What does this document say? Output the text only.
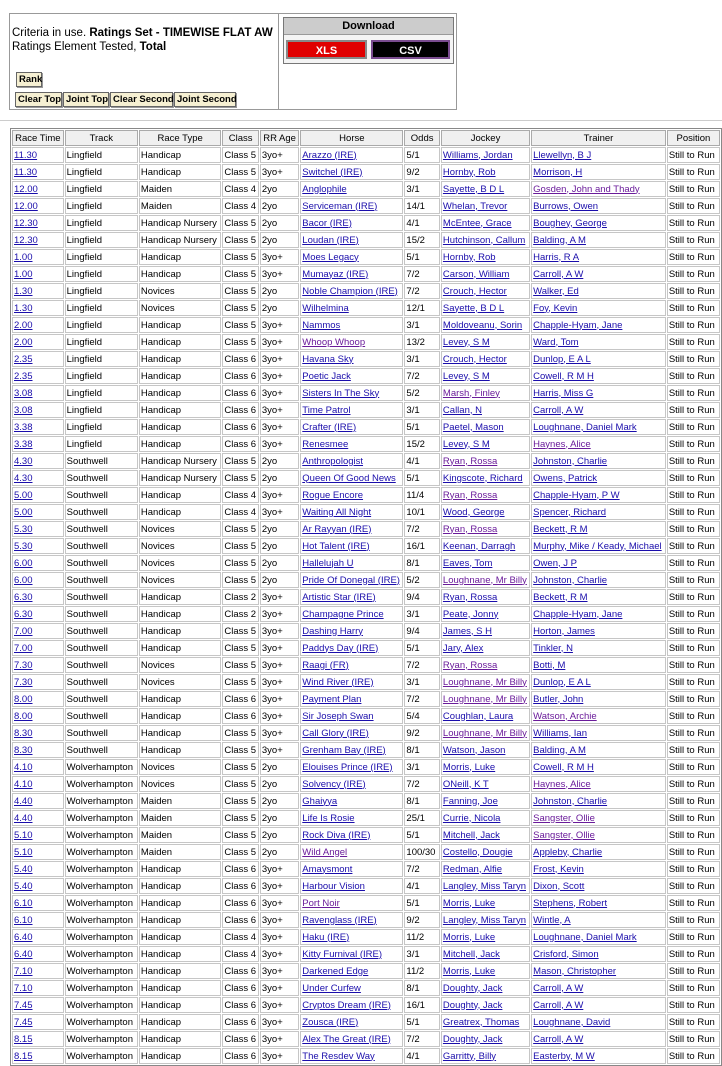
Criteria in use. Ratings Set - TIMEWISE FLAT AW
Ratings Element Tested, Total
Rank
Clear Top Joint Top Clear Second Joint Second
Download
XLS	CSV
Race Time	Track	Race Type	Class	RR Age	Horse	Odds	Jockey	Trainer	Position
11.30	Lingfield	Handicap	Class 5	3yo+	Arazzo (IRE)	5/1	Williams, Jordan	Llewellyn, B J	Still to Run
11.30	Lingfield	Handicap	Class 5	3yo+	Switchel (IRE)	9/2	Hornby, Rob	Morrison, H	Still to Run
12.00	Lingfield	Maiden	Class 4	2yo	Anglophile	3/1	Sayette, B D L	Gosden, John and Thady	Still to Run
12.00	Lingfield	Maiden	Class 4	2yo	Serviceman (IRE)	14/1	Whelan, Trevor	Burrows, Owen	Still to Run
12.30	Lingfield	Handicap Nursery	Class 5	2yo	Bacor (IRE)	4/1	McEntee, Grace	Boughey, George	Still to Run
12.30	Lingfield	Handicap Nursery	Class 5	2yo	Loudan (IRE)	15/2	Hutchinson, Callum	Balding, A M	Still to Run
1.00	Lingfield	Handicap	Class 5	3yo+	Moes Legacy	5/1	Hornby, Rob	Harris, R A	Still to Run
1.00	Lingfield	Handicap	Class 5	3yo+	Mumayaz (IRE)	7/2	Carson, William	Carroll, A W	Still to Run
1.30	Lingfield	Novices	Class 5	2yo	Noble Champion (IRE)	7/2	Crouch, Hector	Walker, Ed	Still to Run
1.30	Lingfield	Novices	Class 5	2yo	Wilhelmina	12/1	Sayette, B D L	Foy, Kevin	Still to Run
2.00	Lingfield	Handicap	Class 5	3yo+	Nammos	3/1	Moldoveanu, Sorin	Chapple-Hyam, Jane	Still to Run
2.00	Lingfield	Handicap	Class 5	3yo+	Whoop Whoop	13/2	Levey, S M	Ward, Tom	Still to Run
2.35	Lingfield	Handicap	Class 6	3yo+	Havana Sky	3/1	Crouch, Hector	Dunlop, E A L	Still to Run
2.35	Lingfield	Handicap	Class 6	3yo+	Poetic Jack	7/2	Levey, S M	Cowell, R M H	Still to Run
3.08	Lingfield	Handicap	Class 6	3yo+	Sisters In The Sky	5/2	Marsh, Finley	Harris, Miss G	Still to Run
3.08	Lingfield	Handicap	Class 6	3yo+	Time Patrol	3/1	Callan, N	Carroll, A W	Still to Run
3.38	Lingfield	Handicap	Class 6	3yo+	Crafter (IRE)	5/1	Paetel, Mason	Loughnane, Daniel Mark	Still to Run
3.38	Lingfield	Handicap	Class 6	3yo+	Renesmee	15/2	Levey, S M	Haynes, Alice	Still to Run
4.30	Southwell	Handicap Nursery	Class 5	2yo	Anthropologist	4/1	Ryan, Rossa	Johnston, Charlie	Still to Run
4.30	Southwell	Handicap Nursery	Class 5	2yo	Queen Of Good News	5/1	Kingscote, Richard	Owens, Patrick	Still to Run
5.00	Southwell	Handicap	Class 4	3yo+	Rogue Encore	11/4	Ryan, Rossa	Chapple-Hyam, P W	Still to Run
5.00	Southwell	Handicap	Class 4	3yo+	Waiting All Night	10/1	Wood, George	Spencer, Richard	Still to Run
5.30	Southwell	Novices	Class 5	2yo	Ar Rayyan (IRE)	7/2	Ryan, Rossa	Beckett, R M	Still to Run
5.30	Southwell	Novices	Class 5	2yo	Hot Talent (IRE)	16/1	Keenan, Darragh	Murphy, Mike / Keady, Michael	Still to Run
6.00	Southwell	Novices	Class 5	2yo	Hallelujah U	8/1	Eaves, Tom	Owen, J P	Still to Run
6.00	Southwell	Novices	Class 5	2yo	Pride Of Donegal (IRE)	5/2	Loughnane, Mr Billy	Johnston, Charlie	Still to Run
6.30	Southwell	Handicap	Class 2	3yo+	Artistic Star (IRE)	9/4	Ryan, Rossa	Beckett, R M	Still to Run
6.30	Southwell	Handicap	Class 2	3yo+	Champagne Prince	3/1	Peate, Jonny	Chapple-Hyam, Jane	Still to Run
7.00	Southwell	Handicap	Class 5	3yo+	Dashing Harry	9/4	James, S H	Horton, James	Still to Run
7.00	Southwell	Handicap	Class 5	3yo+	Paddys Day (IRE)	5/1	Jary, Alex	Tinkler, N	Still to Run
7.30	Southwell	Novices	Class 5	3yo+	Raagi (FR)	7/2	Ryan, Rossa	Botti, M	Still to Run
7.30	Southwell	Novices	Class 5	3yo+	Wind River (IRE)	3/1	Loughnane, Mr Billy	Dunlop, E A L	Still to Run
8.00	Southwell	Handicap	Class 6	3yo+	Payment Plan	7/2	Loughnane, Mr Billy	Butler, John	Still to Run
8.00	Southwell	Handicap	Class 6	3yo+	Sir Joseph Swan	5/4	Coughlan, Laura	Watson, Archie	Still to Run
8.30	Southwell	Handicap	Class 5	3yo+	Call Glory (IRE)	9/2	Loughnane, Mr Billy	Williams, Ian	Still to Run
8.30	Southwell	Handicap	Class 5	3yo+	Grenham Bay (IRE)	8/1	Watson, Jason	Balding, A M	Still to Run
4.10	Wolverhampton	Novices	Class 5	2yo	Elouises Prince (IRE)	3/1	Morris, Luke	Cowell, R M H	Still to Run
4.10	Wolverhampton	Novices	Class 5	2yo	Solvency (IRE)	7/2	ONeill, K T	Haynes, Alice	Still to Run
4.40	Wolverhampton	Maiden	Class 5	2yo	Ghaiyya	8/1	Fanning, Joe	Johnston, Charlie	Still to Run
4.40	Wolverhampton	Maiden	Class 5	2yo	Life Is Rosie	25/1	Currie, Nicola	Sangster, Ollie	Still to Run
5.10	Wolverhampton	Maiden	Class 5	2yo	Rock Diva (IRE)	5/1	Mitchell, Jack	Sangster, Ollie	Still to Run
5.10	Wolverhampton	Maiden	Class 5	2yo	Wild Angel	100/30	Costello, Dougie	Appleby, Charlie	Still to Run
5.40	Wolverhampton	Handicap	Class 6	3yo+	Amaysmont	7/2	Redman, Alfie	Frost, Kevin	Still to Run
5.40	Wolverhampton	Handicap	Class 6	3yo+	Harbour Vision	4/1	Langley, Miss Taryn	Dixon, Scott	Still to Run
6.10	Wolverhampton	Handicap	Class 6	3yo+	Port Noir	5/1	Morris, Luke	Stephens, Robert	Still to Run
6.10	Wolverhampton	Handicap	Class 6	3yo+	Ravenglass (IRE)	9/2	Langley, Miss Taryn	Wintle, A	Still to Run
6.40	Wolverhampton	Handicap	Class 4	3yo+	Haku (IRE)	11/2	Morris, Luke	Loughnane, Daniel Mark	Still to Run
6.40	Wolverhampton	Handicap	Class 4	3yo+	Kitty Furnival (IRE)	3/1	Mitchell, Jack	Crisford, Simon	Still to Run
7.10	Wolverhampton	Handicap	Class 6	3yo+	Darkened Edge	11/2	Morris, Luke	Mason, Christopher	Still to Run
7.10	Wolverhampton	Handicap	Class 6	3yo+	Under Curfew	8/1	Doughty, Jack	Carroll, A W	Still to Run
7.45	Wolverhampton	Handicap	Class 6	3yo+	Cryptos Dream (IRE)	16/1	Doughty, Jack	Carroll, A W	Still to Run
7.45	Wolverhampton	Handicap	Class 6	3yo+	Zousca (IRE)	5/1	Greatrex, Thomas	Loughnane, David	Still to Run
8.15	Wolverhampton	Handicap	Class 6	3yo+	Alex The Great (IRE)	7/2	Doughty, Jack	Carroll, A W	Still to Run
8.15	Wolverhampton	Handicap	Class 6	3yo+	The Resdev Way	4/1	Garritty, Billy	Easterby, M W	Still to Run
